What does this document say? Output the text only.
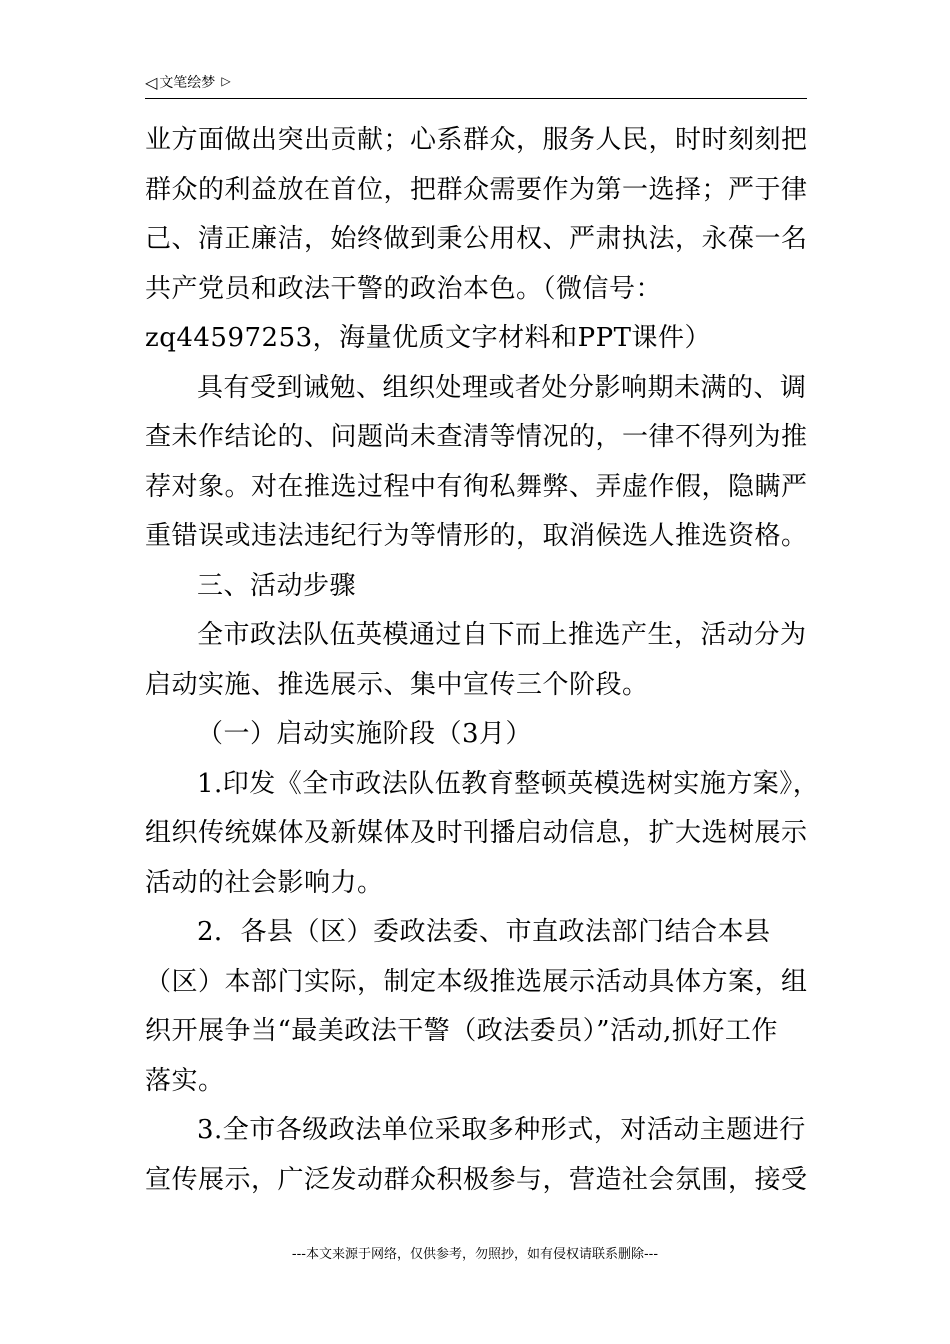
◁ 文笔绘梦 ▷
业方面做出突出贡献；心系群众，服务人民，时时刻刻把
群众的利益放在首位，把群众需要作为第一选择；严于律
己、清正廉洁，始终做到秉公用权、严肃执法，永葆一名
共产党员和政法干警的政治本色。（微信号：
zq44597253，海量优质文字材料和PPT课件）
具有受到诫勉、组织处理或者处分影响期未满的、调
查未作结论的、问题尚未查清等情况的，一律不得列为推
荐对象。对在推选过程中有徇私舞弊、弄虚作假，隐瞒严
重错误或违法违纪行为等情形的，取消候选人推选资格。
三、活动步骤
全市政法队伍英模通过自下而上推选产生，活动分为
启动实施、推选展示、集中宣传三个阶段。
（一）启动实施阶段（3月）
1.印发《全市政法队伍教育整顿英模选树实施方案》，
组织传统媒体及新媒体及时刊播启动信息，扩大选树展示
活动的社会影响力。
2．各县（区）委政法委、市直政法部门结合本县
（区）本部门实际，制定本级推选展示活动具体方案，组
织开展争当“最美政法干警（政法委员）”活动,抓好工作
落实。
3.全市各级政法单位采取多种形式，对活动主题进行
宣传展示，广泛发动群众积极参与，营造社会氛围，接受
---本文来源于网络，仅供参考，勿照抄，如有侵权请联系删除---
